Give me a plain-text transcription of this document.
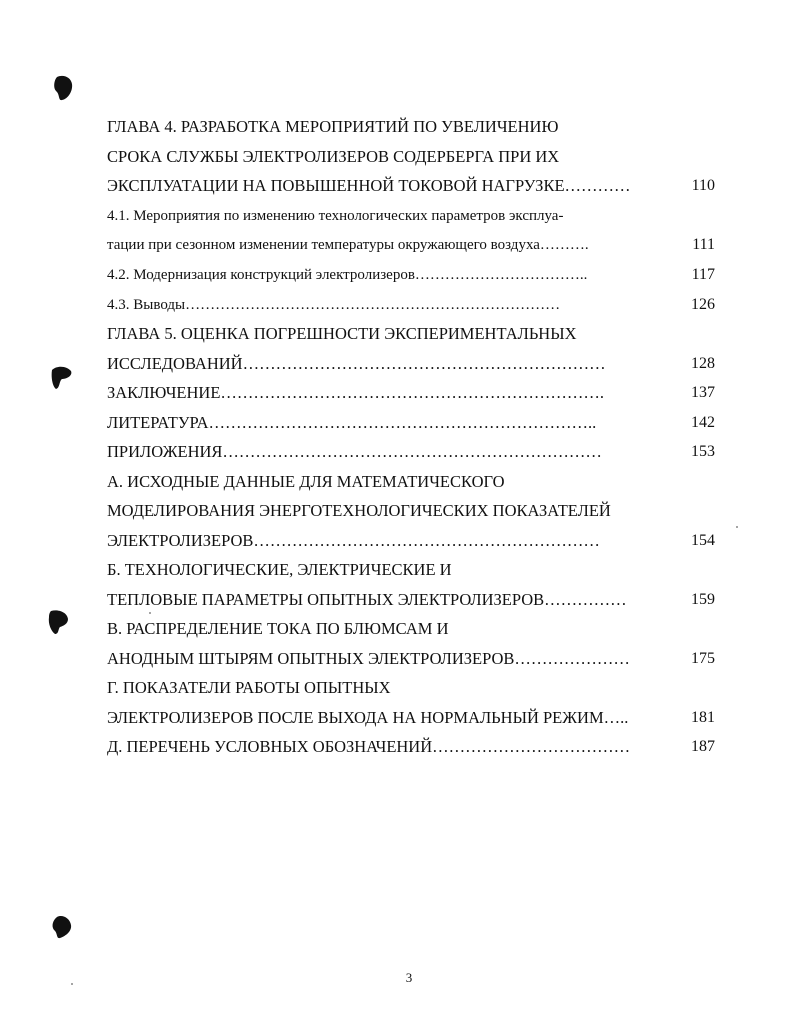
ГЛАВА 4. РАЗРАБОТКА МЕРОПРИЯТИЙ ПО УВЕЛИЧЕНИЮ
СРОКА СЛУЖБЫ ЭЛЕКТРОЛИЗЕРОВ СОДЕРБЕРГА ПРИ ИХ
ЭКСПЛУАТАЦИИ НА ПОВЫШЕННОЙ ТОКОВОЙ НАГРУЗКЕ…………	110
4.1. Мероприятия по изменению технологических параметров эксплуа-
тации при сезонном изменении температуры окружающего воздуха……….	111
4.2. Модернизация конструкций электролизеров……………………………..	117
4.3. Выводы…………………………………………………………………	126
ГЛАВА 5. ОЦЕНКА ПОГРЕШНОСТИ ЭКСПЕРИМЕНТАЛЬНЫХ
ИССЛЕДОВАНИЙ…………………………………………………………	128
ЗАКЛЮЧЕНИЕ…………………………………………………………….	137
ЛИТЕРАТУРА……………………………………………………………..	142
ПРИЛОЖЕНИЯ……………………………………………………………	153
А. ИСХОДНЫЕ ДАННЫЕ ДЛЯ МАТЕМАТИЧЕСКОГО
МОДЕЛИРОВАНИЯ ЭНЕРГОТЕХНОЛОГИЧЕСКИХ ПОКАЗАТЕЛЕЙ
ЭЛЕКТРОЛИЗЕРОВ………………………………………………………	154
Б. ТЕХНОЛОГИЧЕСКИЕ, ЭЛЕКТРИЧЕСКИЕ И
ТЕПЛОВЫЕ ПАРАМЕТРЫ ОПЫТНЫХ ЭЛЕКТРОЛИЗЕРОВ……………	159
В. РАСПРЕДЕЛЕНИЕ ТОКА ПО БЛЮМСАМ И
АНОДНЫМ ШТЫРЯМ ОПЫТНЫХ ЭЛЕКТРОЛИЗЕРОВ…………………	175
Г. ПОКАЗАТЕЛИ РАБОТЫ ОПЫТНЫХ
ЭЛЕКТРОЛИЗЕРОВ ПОСЛЕ ВЫХОДА НА НОРМАЛЬНЫЙ РЕЖИМ…..	181
Д. ПЕРЕЧЕНЬ УСЛОВНЫХ ОБОЗНАЧЕНИЙ………………………………	187
3
